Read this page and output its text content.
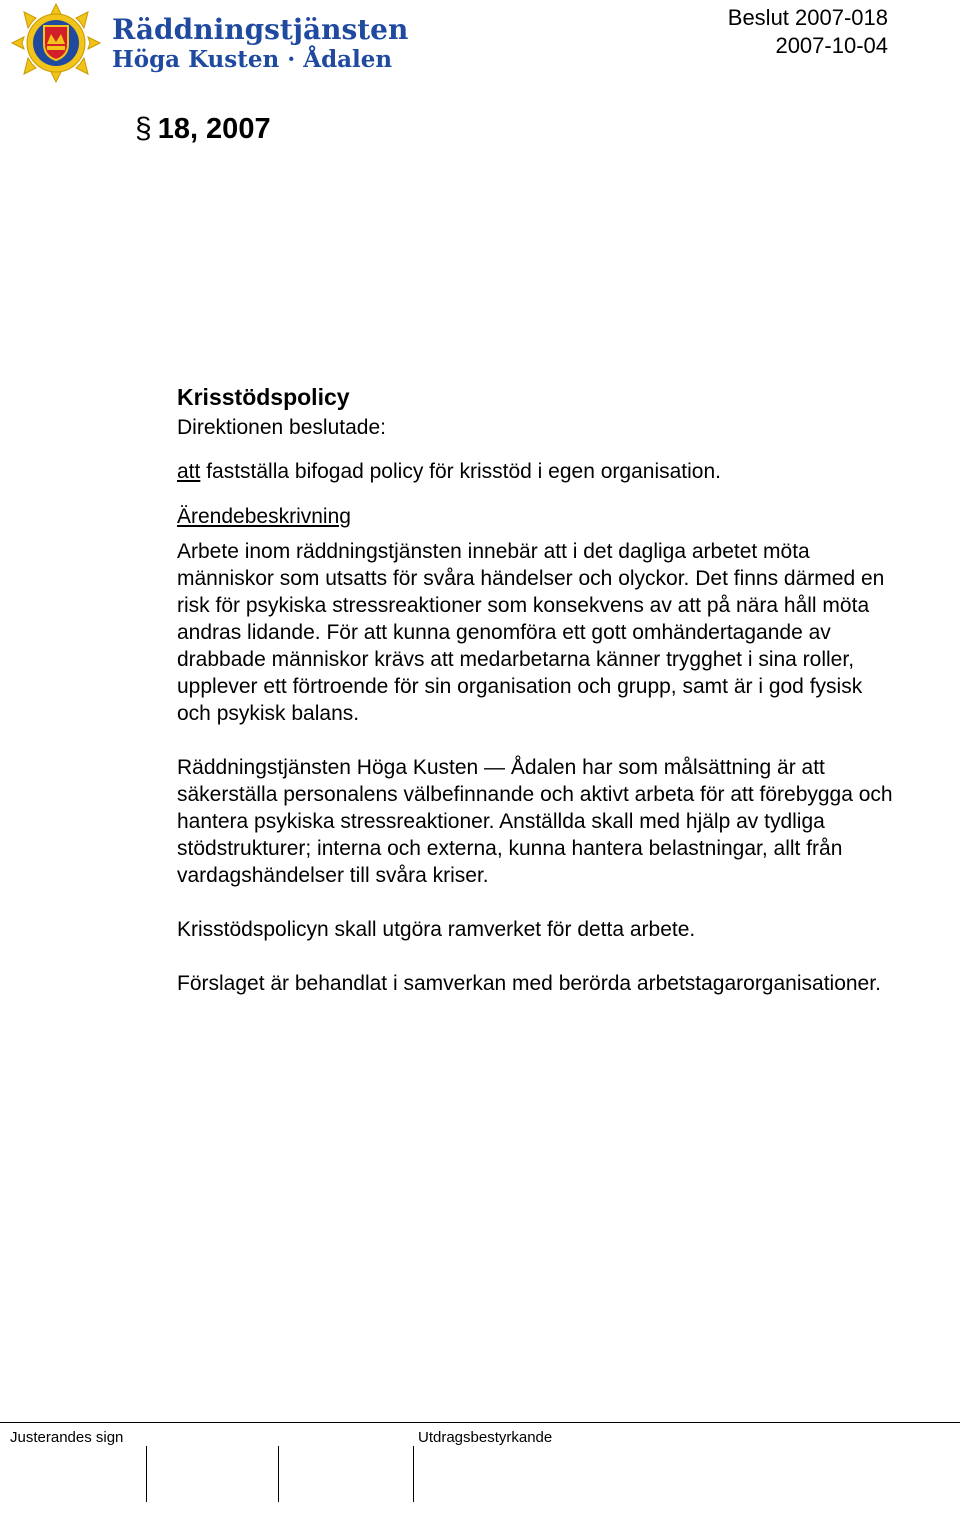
Räddningstjänsten
Höga Kusten · Ådalen
Beslut 2007-018
2007-10-04
§ 18, 2007

Krisstödspolicy

Direktionen beslutade:

att fastställa bifogad policy för krisstöd i egen organisation.

Ärendebeskrivning

Arbete inom räddningstjänsten innebär att i det dagliga arbetet möta människor som utsatts för svåra händelser och olyckor. Det finns därmed en risk för psykiska stressreaktioner som konsekvens av att på nära håll möta andras lidande. För att kunna genomföra ett gott omhändertagande av drabbade människor krävs att medarbetarna känner trygghet i sina roller, upplever ett förtroende för sin organisation och grupp, samt är i god fysisk och psykisk balans.

Räddningstjänsten Höga Kusten — Ådalen har som målsättning är att säkerställa personalens välbefinnande och aktivt arbeta för att förebygga och hantera psykiska stressreaktioner. Anställda skall med hjälp av tydliga stödstrukturer; interna och externa, kunna hantera belastningar, allt från vardagshändelser till svåra kriser.

Krisstödspolicyn skall utgöra ramverket för detta arbete.

Förslaget är behandlat i samverkan med berörda arbetstagarorganisationer.

Justerandes sign	Utdragsbestyrkande
